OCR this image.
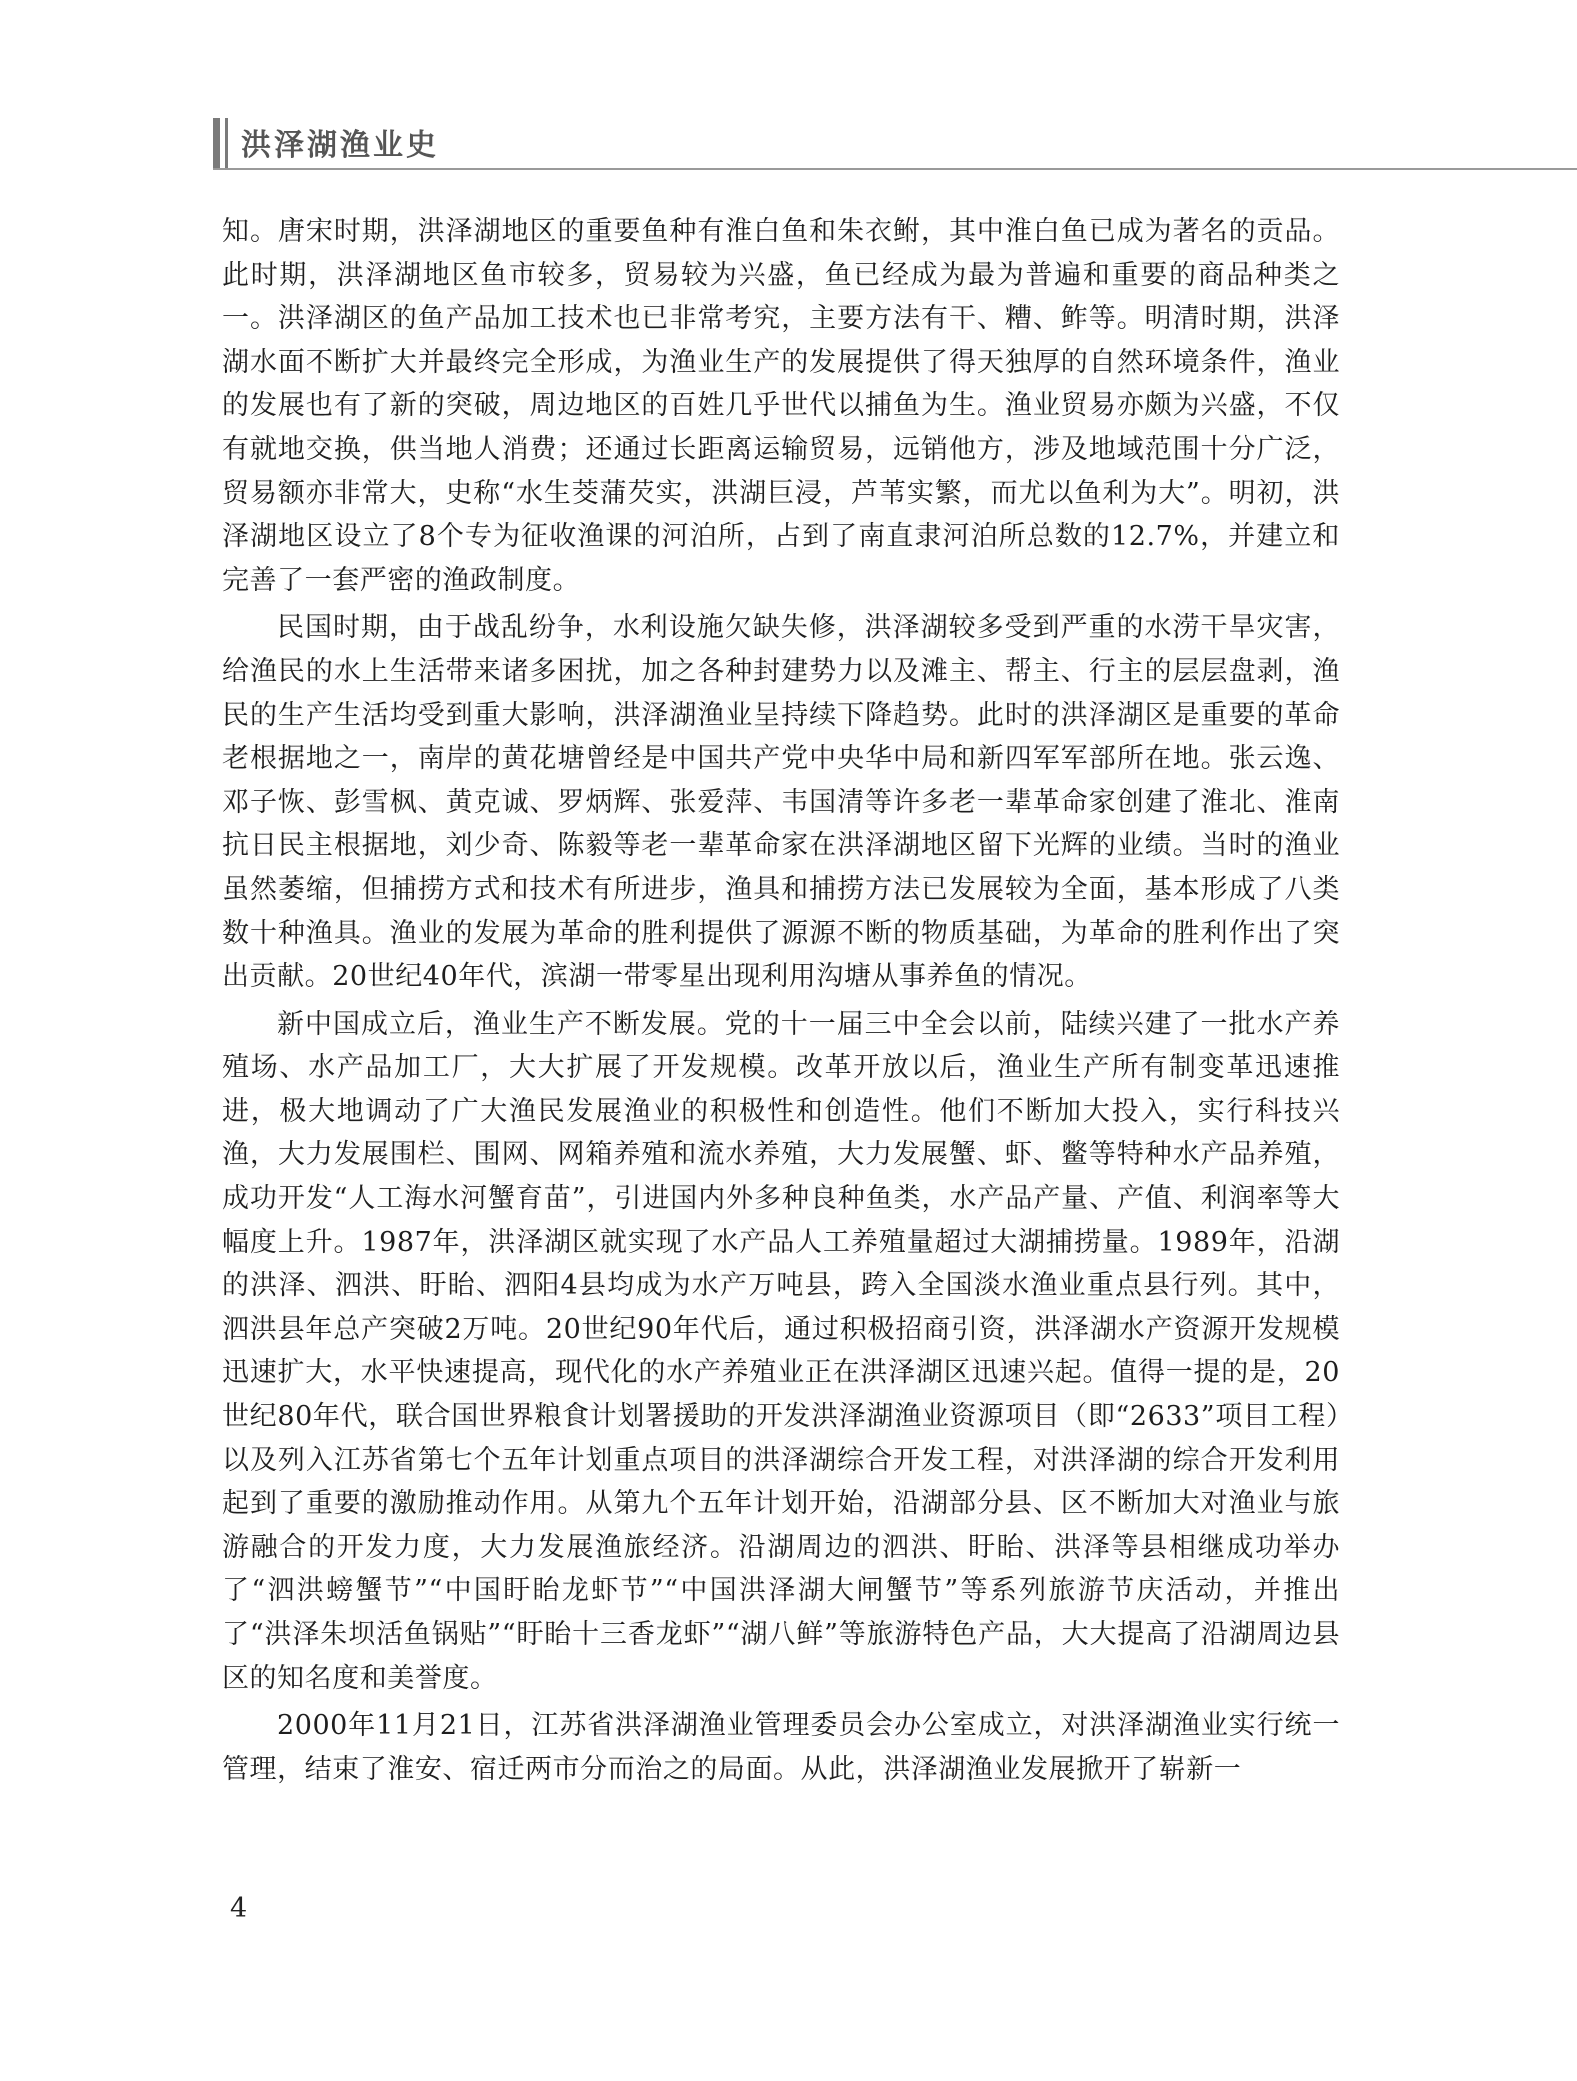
洪泽湖渔业史

知。唐宋时期，洪泽湖地区的重要鱼种有淮白鱼和朱衣鲋，其中淮白鱼已成为著名的贡品。此时期，洪泽湖地区鱼市较多，贸易较为兴盛，鱼已经成为最为普遍和重要的商品种类之一。洪泽湖区的鱼产品加工技术也已非常考究，主要方法有干、糟、鲊等。明清时期，洪泽湖水面不断扩大并最终完全形成，为渔业生产的发展提供了得天独厚的自然环境条件，渔业的发展也有了新的突破，周边地区的百姓几乎世代以捕鱼为生。渔业贸易亦颇为兴盛，不仅有就地交换，供当地人消费；还通过长距离运输贸易，远销他方，涉及地域范围十分广泛，贸易额亦非常大，史称“水生茭蒲芡实，洪湖巨浸，芦苇实繁，而尤以鱼利为大”。明初，洪泽湖地区设立了8个专为征收渔课的河泊所，占到了南直隶河泊所总数的12.7%，并建立和完善了一套严密的渔政制度。

民国时期，由于战乱纷争，水利设施欠缺失修，洪泽湖较多受到严重的水涝干旱灾害，给渔民的水上生活带来诸多困扰，加之各种封建势力以及滩主、帮主、行主的层层盘剥，渔民的生产生活均受到重大影响，洪泽湖渔业呈持续下降趋势。此时的洪泽湖区是重要的革命老根据地之一，南岸的黄花塘曾经是中国共产党中央华中局和新四军军部所在地。张云逸、邓子恢、彭雪枫、黄克诚、罗炳辉、张爱萍、韦国清等许多老一辈革命家创建了淮北、淮南抗日民主根据地，刘少奇、陈毅等老一辈革命家在洪泽湖地区留下光辉的业绩。当时的渔业虽然萎缩，但捕捞方式和技术有所进步，渔具和捕捞方法已发展较为全面，基本形成了八类数十种渔具。渔业的发展为革命的胜利提供了源源不断的物质基础，为革命的胜利作出了突出贡献。20世纪40年代，滨湖一带零星出现利用沟塘从事养鱼的情况。

新中国成立后，渔业生产不断发展。党的十一届三中全会以前，陆续兴建了一批水产养殖场、水产品加工厂，大大扩展了开发规模。改革开放以后，渔业生产所有制变革迅速推进，极大地调动了广大渔民发展渔业的积极性和创造性。他们不断加大投入，实行科技兴渔，大力发展围栏、围网、网箱养殖和流水养殖，大力发展蟹、虾、鳖等特种水产品养殖，成功开发“人工海水河蟹育苗”，引进国内外多种良种鱼类，水产品产量、产值、利润率等大幅度上升。1987年，洪泽湖区就实现了水产品人工养殖量超过大湖捕捞量。1989年，沿湖的洪泽、泗洪、盱眙、泗阳4县均成为水产万吨县，跨入全国淡水渔业重点县行列。其中，泗洪县年总产突破2万吨。20世纪90年代后，通过积极招商引资，洪泽湖水产资源开发规模迅速扩大，水平快速提高，现代化的水产养殖业正在洪泽湖区迅速兴起。值得一提的是，20世纪80年代，联合国世界粮食计划署援助的开发洪泽湖渔业资源项目（即“2633”项目工程）以及列入江苏省第七个五年计划重点项目的洪泽湖综合开发工程，对洪泽湖的综合开发利用起到了重要的激励推动作用。从第九个五年计划开始，沿湖部分县、区不断加大对渔业与旅游融合的开发力度，大力发展渔旅经济。沿湖周边的泗洪、盱眙、洪泽等县相继成功举办了“泗洪螃蟹节”“中国盱眙龙虾节”“中国洪泽湖大闸蟹节”等系列旅游节庆活动，并推出了“洪泽朱坝活鱼锅贴”“盱眙十三香龙虾”“湖八鲜”等旅游特色产品，大大提高了沿湖周边县区的知名度和美誉度。

2000年11月21日，江苏省洪泽湖渔业管理委员会办公室成立，对洪泽湖渔业实行统一管理，结束了淮安、宿迁两市分而治之的局面。从此，洪泽湖渔业发展掀开了崭新一

4
